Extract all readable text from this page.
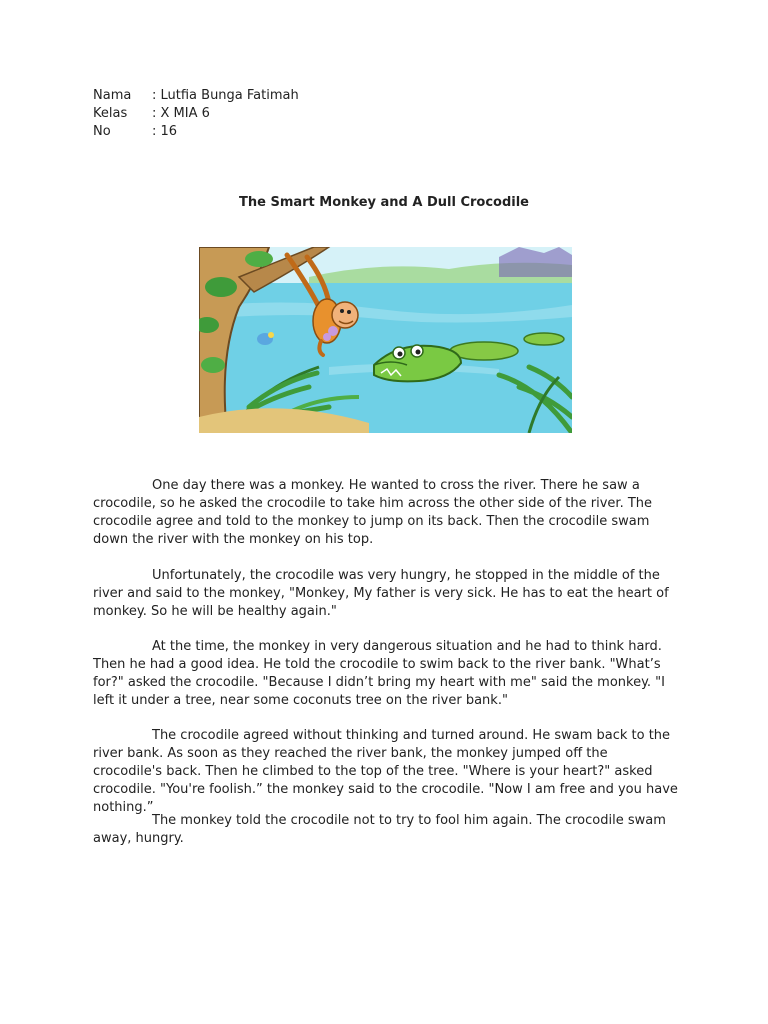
Nama	: Lutfia Bunga Fatimah
Kelas	: X MIA 6
No	: 16
The Smart Monkey and A Dull Crocodile

One day there was a monkey. He wanted to cross the river. There he saw a crocodile, so he asked the crocodile to take him across the other side of the river. The crocodile agree and told to the monkey to jump on its back. Then the crocodile swam down the river with the monkey on his top.

Unfortunately, the crocodile was very hungry, he stopped in the middle of the river and said to the monkey, "Monkey, My father is very sick. He has to eat the heart of monkey. So he will be healthy again."

At the time, the monkey in very dangerous situation and he had to think hard. Then he had a good idea. He told the crocodile to swim back to the river bank. "What’s for?" asked the crocodile. "Because I didn’t bring my heart with me" said the monkey. "I left it under a tree, near some coconuts tree on the river bank."

The crocodile agreed without thinking and turned around. He swam back to the river bank. As soon as they reached the river bank, the monkey jumped off the crocodile's back. Then he climbed to the top of the tree. "Where is your heart?" asked crocodile. "You're foolish.” the monkey said to the crocodile. "Now I am free and you have nothing.”

The monkey told the crocodile not to try to fool him again. The crocodile swam away, hungry.
